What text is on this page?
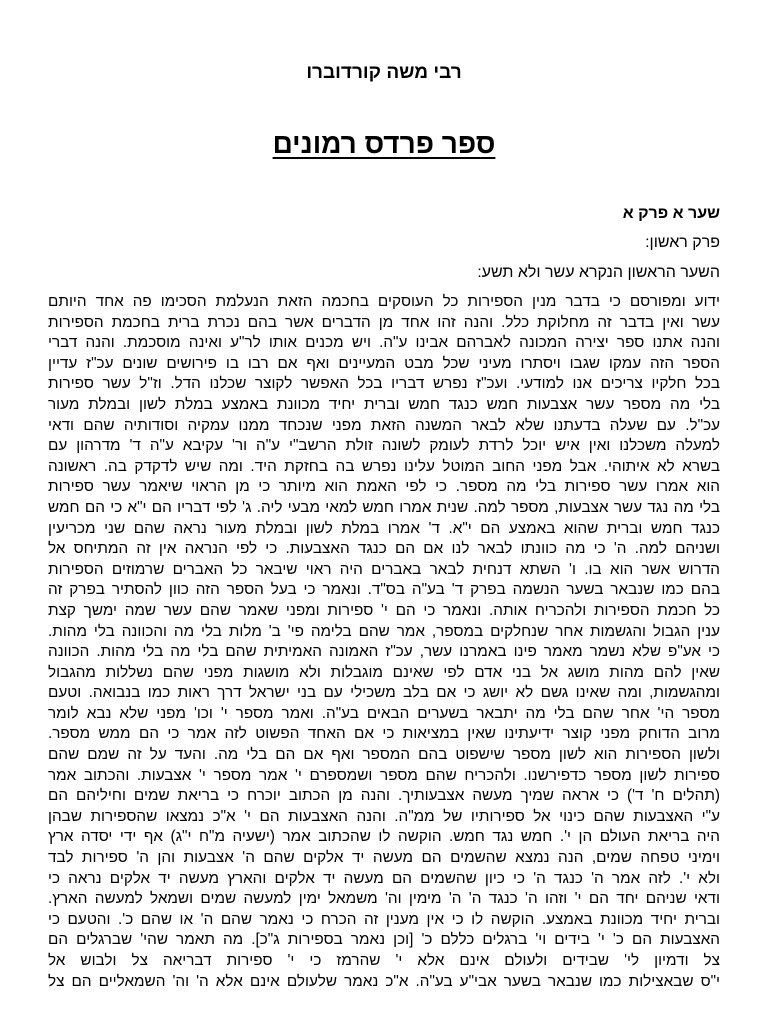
רבי משה קורדוברו
ספר פרדס רמונים

שער א פרק א

פרק ראשון:

השער הראשון הנקרא עשר ולא תשע:

ידוע ומפורסם כי בדבר מנין הספירות כל העוסקים בחכמה הזאת הנעלמת הסכימו פה אחד היותם
עשר ואין בדבר זה מחלוקת כלל. והנה זהו אחד מן הדברים אשר בהם נכרת ברית בחכמת הספירות
והנה אתנו ספר יצירה המכונה לאברהם אבינו ע"ה. ויש מכנים אותו לר"ע ואינה מוסכמת. והנה דברי
הספר הזה עמקו שגבו ויסתרו מעיני שכל מבט המעיינים ואף אם רבו בו פירושים שונים עכ"ז עדיין
בכל חלקיו צריכים אנו למודעי. ועכ"ז נפרש דבריו בכל האפשר לקוצר שכלנו הדל. וז"ל עשר ספירות
בלי מה מספר עשר אצבעות חמש כנגד חמש וברית יחיד מכוונת באמצע במלת לשון ובמלת מעור
עכ"ל. עם שעלה בדעתנו שלא לבאר המשנה הזאת מפני שנכחד ממנו עמקיה וסודותיה שהם ודאי
למעלה משכלנו ואין איש יוכל לרדת לעומק לשונה זולת הרשב"י ע"ה ור' עקיבא ע"ה ד' מדרהון עם
בשרא לא איתוהי. אבל מפני החוב המוטל עלינו נפרש בה בחזקת היד. ומה שיש לדקדק בה. ראשונה
הוא אמרו עשר ספירות בלי מה מספר. כי לפי האמת הוא מיותר כי מן הראוי שיאמר עשר ספירות
בלי מה נגד עשר אצבעות, מספר למה. שנית אמרו חמש למאי מבעי ליה. ג' לפי דבריו הם י"א כי הם חמש
כנגד חמש וברית שהוא באמצע הם י"א. ד' אמרו במלת לשון ובמלת מעור נראה שהם שני מכריעין
ושניהם למה. ה' כי מה כוונתו לבאר לנו אם הם כנגד האצבעות. כי לפי הנראה אין זה המתיחס אל
הדרוש אשר הוא בו. ו' השתא דנחית לבאר באברים היה ראוי שיבאר כל האברים שרמוזים הספירות
בהם כמו שנבאר בשער הנשמה בפרק ד' בע"ה בס"ד. ונאמר כי בעל הספר הזה כוון להסתיר בפרק זה
כל חכמת הספירות ולהכריח אותה. ונאמר כי הם י' ספירות ומפני שאמר שהם עשר שמה ימשך קצת
ענין הגבול והגשמות אחר שנחלקים במספר, אמר שהם בלימה פי' ב' מלות בלי מה והכוונה בלי מהות.
כי אע"פ שלא נשמר מאמר פינו באמרנו עשר, עכ"ז האמונה האמיתית שהם בלי מה בלי מהות. הכוונה
שאין להם מהות מושג אל בני אדם לפי שאינם מוגבלות ולא מושגות מפני שהם נשללות מהגבול
ומהגשמות, ומה שאינו גשם לא יושג כי אם בלב משכילי עם בני ישראל דרך ראות כמו בנבואה. וטעם
מספר הי' אחר שהם בלי מה יתבאר בשערים הבאים בע"ה. ואמר מספר י' וכו' מפני שלא נבא לומר
מרוב הדוחק מפני קוצר ידיעתינו שאין במציאות כי אם האחד הפשוט לזה אמר כי הם ממש מספר.
ולשון הספירות הוא לשון מספר שישפוט בהם המספר ואף אם הם בלי מה. והעד על זה שמם שהם
ספירות לשון מספר כדפירשנו. ולהכריח שהם מספר ושמספרם י' אמר מספר י' אצבעות. והכתוב אמר
(תהלים ח' ד') כי אראה שמיך מעשה אצבעותיך. והנה מן הכתוב יוכרח כי בריאת שמים וחיליהם הם
ע"י האצבעות שהם כינוי אל ספירותיו של ממ"ה. והנה האצבעות הם י' א"כ נמצאו שהספירות שבהן
היה בריאת העולם הן י'. חמש נגד חמש. הוקשה לו שהכתוב אמר (ישעיה מ"ח י"ג) אף ידי יסדה ארץ
וימיני טפחה שמים, הנה נמצא שהשמים הם מעשה יד אלקים שהם ה' אצבעות והן ה' ספירות לבד
ולא י'. לזה אמר ה' כנגד ה' כי כיון שהשמים הם מעשה יד אלקים והארץ מעשה יד אלקים נראה כי
ודאי שניהם יחד הם י' וזהו ה' כנגד ה' ה' מימין וה' משמאל ימין למעשה שמים ושמאל למעשה הארץ.
וברית יחיד מכוונת באמצע. הוקשה לו כי אין מענין זה הכרח כי נאמר שהם ה' או שהם כ'. והטעם כי
האצבעות הם כ' י' בידים וי' ברגלים כללם כ' [וכן נאמר בספירות ג"כ]. מה תאמר שהי' שברגלים הם
צל ודמיון לי' שבידים ולעולם אינם אלא י' שהרמז כי י' ספירות דבריאה צל ולבוש אל
י"ס שבאצילות כמו שנבאר בשער אבי"ע בע"ה. א"כ נאמר שלעולם אינם אלא ה' וה' השמאליים הם צל
